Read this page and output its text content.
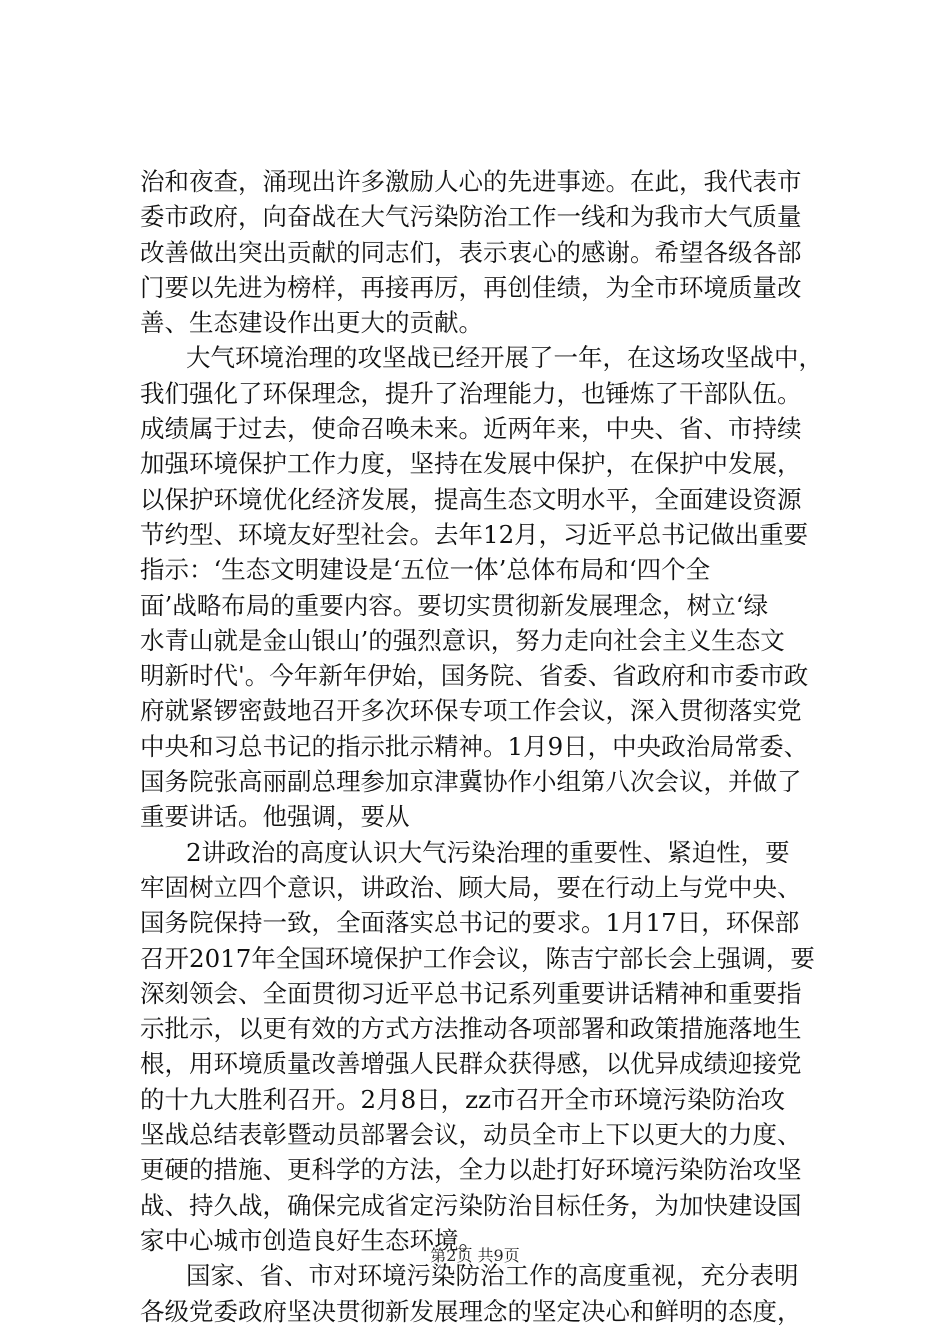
治和夜查，涌现出许多激励人心的先进事迹。在此，我代表市
委市政府，向奋战在大气污染防治工作一线和为我市大气质量
改善做出突出贡献的同志们，表示衷心的感谢。希望各级各部
门要以先进为榜样，再接再厉，再创佳绩，为全市环境质量改
善、生态建设作出更大的贡献。
大气环境治理的攻坚战已经开展了一年，在这场攻坚战中，
我们强化了环保理念，提升了治理能力，也锤炼了干部队伍。
成绩属于过去，使命召唤未来。近两年来，中央、省、市持续
加强环境保护工作力度，坚持在发展中保护，在保护中发展，
以保护环境优化经济发展，提高生态文明水平，全面建设资源
节约型、环境友好型社会。去年12月，习近平总书记做出重要
指示：‘生态文明建设是‘五位一体’总体布局和‘四个全
面’战略布局的重要内容。要切实贯彻新发展理念，树立‘绿
水青山就是金山银山’的强烈意识，努力走向社会主义生态文
明新时代'。今年新年伊始，国务院、省委、省政府和市委市政
府就紧锣密鼓地召开多次环保专项工作会议，深入贯彻落实党
中央和习总书记的指示批示精神。1月9日，中央政治局常委、
国务院张高丽副总理参加京津冀协作小组第八次会议，并做了
重要讲话。他强调，要从
2讲政治的高度认识大气污染治理的重要性、紧迫性，要
牢固树立四个意识，讲政治、顾大局，要在行动上与党中央、
国务院保持一致，全面落实总书记的要求。1月17日，环保部
召开2017年全国环境保护工作会议，陈吉宁部长会上强调，要
深刻领会、全面贯彻习近平总书记系列重要讲话精神和重要指
示批示，以更有效的方式方法推动各项部署和政策措施落地生
根，用环境质量改善增强人民群众获得感，以优异成绩迎接党
的十九大胜利召开。2月8日，zz市召开全市环境污染防治攻
坚战总结表彰暨动员部署会议，动员全市上下以更大的力度、
更硬的措施、更科学的方法，全力以赴打好环境污染防治攻坚
战、持久战，确保完成省定污染防治目标任务，为加快建设国
家中心城市创造良好生态环境。
国家、省、市对环境污染防治工作的高度重视，充分表明
各级党委政府坚决贯彻新发展理念的坚定决心和鲜明的态度，
第2页 共9页
